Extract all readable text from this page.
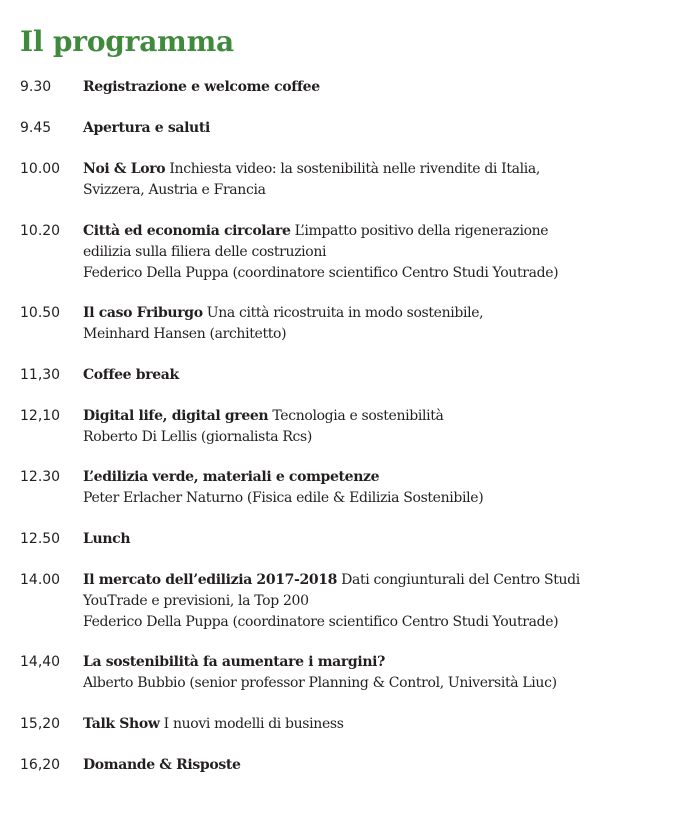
Il programma
9.30 Registrazione e welcome coffee
9.45 Apertura e saluti
10.00 Noi & Loro Inchiesta video: la sostenibilità nelle rivendite di Italia,
Svizzera, Austria e Francia
10.20 Città ed economia circolare L’impatto positivo della rigenerazione
edilizia sulla filiera delle costruzioni
Federico Della Puppa (coordinatore scientifico Centro Studi Youtrade)
10.50 Il caso Friburgo Una città ricostruita in modo sostenibile,
Meinhard Hansen (architetto)
11,30 Coffee break
12,10 Digital life, digital green Tecnologia e sostenibilità
Roberto Di Lellis (giornalista Rcs)
12.30 L’edilizia verde, materiali e competenze
Peter Erlacher Naturno (Fisica edile & Edilizia Sostenibile)
12.50 Lunch
14.00 Il mercato dell’edilizia 2017-2018 Dati congiunturali del Centro Studi
YouTrade e previsioni, la Top 200
Federico Della Puppa (coordinatore scientifico Centro Studi Youtrade)
14,40 La sostenibilità fa aumentare i margini?
Alberto Bubbio (senior professor Planning & Control, Università Liuc)
15,20 Talk Show I nuovi modelli di business
16,20 Domande & Risposte
